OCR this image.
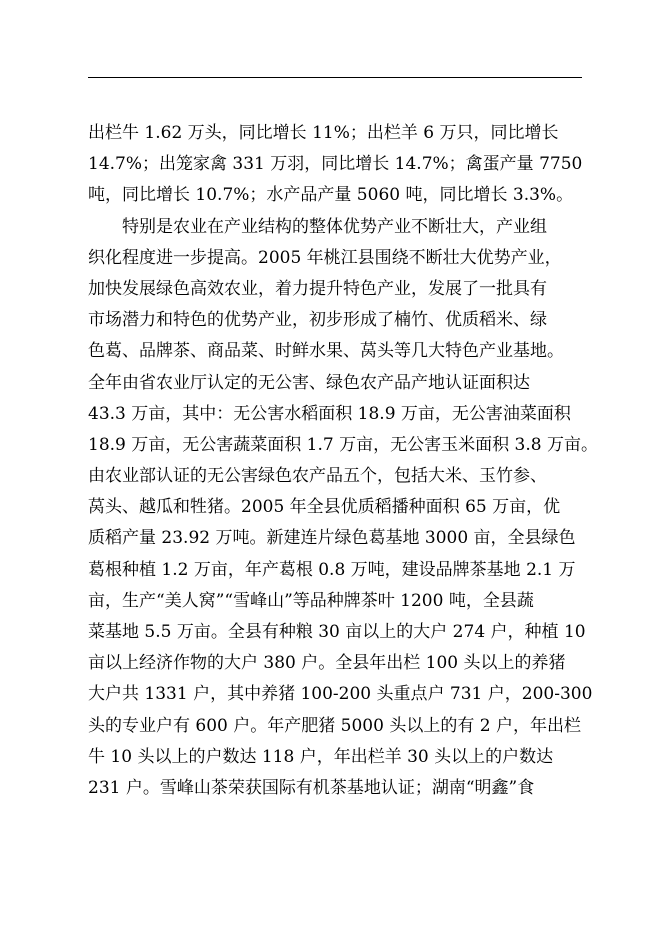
出栏牛 1.62 万头，同比增长 11%；出栏羊 6 万只，同比增长
14.7%；出笼家禽 331 万羽，同比增长 14.7%；禽蛋产量 7750
吨，同比增长 10.7%；水产品产量 5060 吨，同比增长 3.3%。
　　特别是农业在产业结构的整体优势产业不断壮大，产业组
织化程度进一步提高。2005 年桃江县围绕不断壮大优势产业，
加快发展绿色高效农业，着力提升特色产业，发展了一批具有
市场潜力和特色的优势产业，初步形成了楠竹、优质稻米、绿
色葛、品牌茶、商品菜、时鲜水果、莴头等几大特色产业基地。
全年由省农业厅认定的无公害、绿色农产品产地认证面积达
43.3 万亩，其中：无公害水稻面积 18.9 万亩，无公害油菜面积
18.9 万亩，无公害蔬菜面积 1.7 万亩，无公害玉米面积 3.8 万亩。
由农业部认证的无公害绿色农产品五个，包括大米、玉竹参、
莴头、越瓜和牲猪。2005 年全县优质稻播种面积 65 万亩，优
质稻产量 23.92 万吨。新建连片绿色葛基地 3000 亩，全县绿色
葛根种植 1.2 万亩，年产葛根 0.8 万吨，建设品牌茶基地 2.1 万
亩，生产“美人窝”“雪峰山”等品种牌茶叶 1200 吨，全县蔬
菜基地 5.5 万亩。全县有种粮 30 亩以上的大户 274 户，种植 10
亩以上经济作物的大户 380 户。全县年出栏 100 头以上的养猪
大户共 1331 户，其中养猪 100-200 头重点户 731 户，200-300
头的专业户有 600 户。年产肥猪 5000 头以上的有 2 户，年出栏
牛 10 头以上的户数达 118 户，年出栏羊 30 头以上的户数达
231 户。雪峰山茶荣获国际有机茶基地认证；湖南“明鑫”食
